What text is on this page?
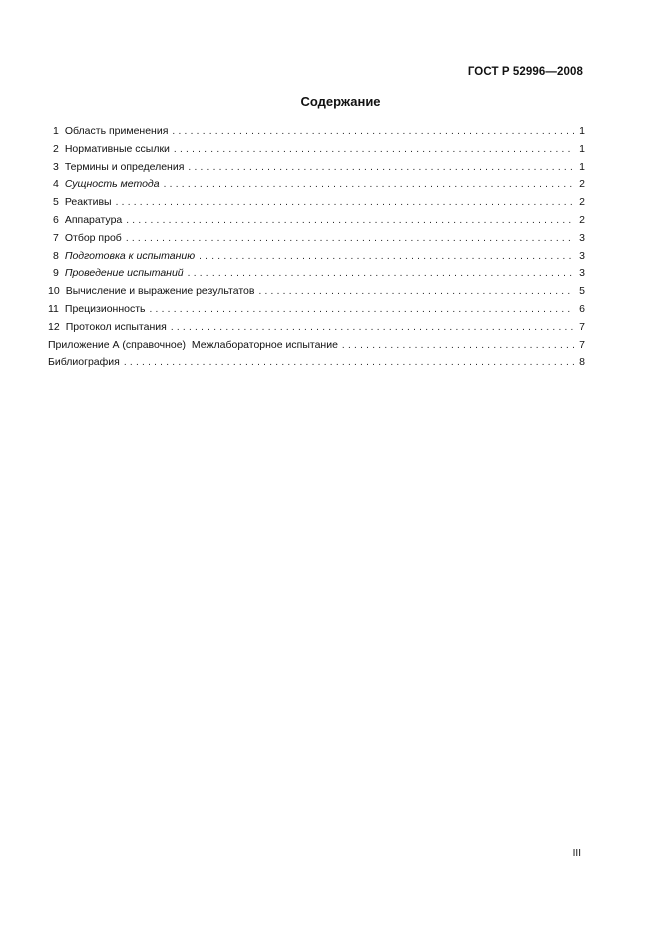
ГОСТ Р 52996—2008
Содержание
1 Область применения . . .	1
2 Нормативные ссылки . . .	1
3 Термины и определения . . .	1
4 Сущность метода . . .	2
5 Реактивы . . .	2
6 Аппаратура . . .	2
7 Отбор проб . . .	3
8 Подготовка к испытанию . . .	3
9 Проведение испытаний . . .	3
10 Вычисление и выражение результатов . . .	5
11 Прецизионность . . .	6
12 Протокол испытания . . .	7
Приложение А (справочное)  Межлабораторное испытание . . .	7
Библиография . . .	8
III
